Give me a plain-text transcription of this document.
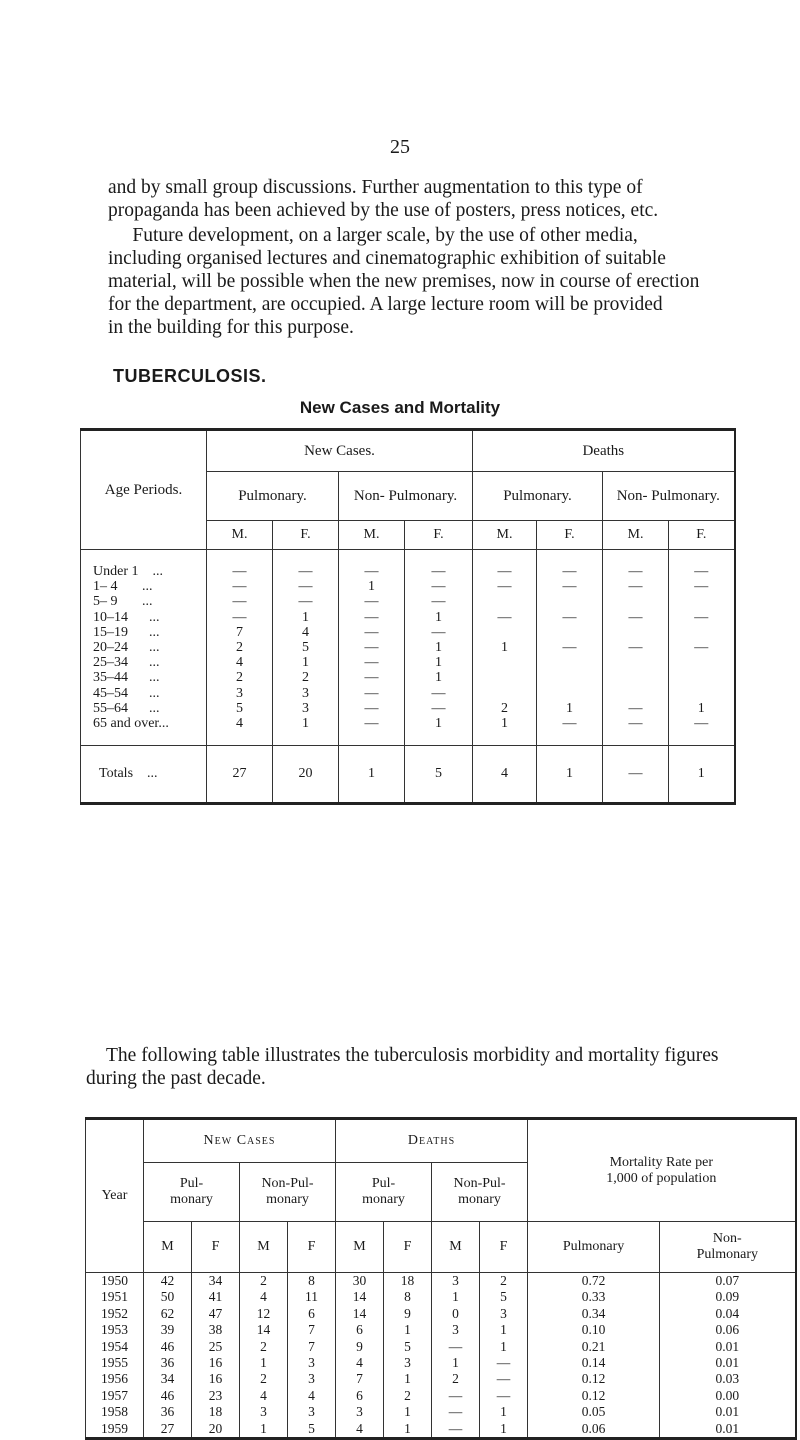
25
and by small group discussions. Further augmentation to this type of
propaganda has been achieved by the use of posters, press notices, etc.
Future development, on a larger scale, by the use of other media,
including organised lectures and cinematographic exhibition of suitable
material, will be possible when the new premises, now in course of erection
for the department, are occupied. A large lecture room will be provided
in the building for this purpose.
TUBERCULOSIS.
New Cases and Mortality
Age Periods.	New Cases.				Deaths			
	Pulmonary.		Non- Pulmonary.		Pulmonary.		Non- Pulmonary.	
	M.	F.	M.	F.	M.	F.	M.	F.

Under 1    ...	—	—	—	—	—	—	—	—
1– 4       ...	—	—	1	—	—	—	—	—
5– 9       ...	—	—	—	—				
10–14      ...	—	1	—	1	—	—	—	—
15–19      ...	7	4	—	—				
20–24      ...	2	5	—	1	1	—	—	—
25–34      ...	4	1	—	1				
35–44      ...	2	2	—	1				
45–54      ...	3	3	—	—				
55–64      ...	5	3	—	—	2	1	—	1
65 and over...	4	1	—	1	1	—	—	—

Totals    ...	27	20	1	5	4	1	—	1
The following table illustrates the tuberculosis morbidity and mortality figures during the past decade.
Year	New Cases				Deaths				Mortality Rate per 1,000 of population	
	Pul- monary		Non-Pul- monary		Pul- monary		Non-Pul- monary			
	M	F	M	F	M	F	M	F	Pulmonary	Non- Pulmonary
1950	42	34	2	8	30	18	3	2	0.72	0.07
1951	50	41	4	11	14	8	1	5	0.33	0.09
1952	62	47	12	6	14	9	0	3	0.34	0.04
1953	39	38	14	7	6	1	3	1	0.10	0.06
1954	46	25	2	7	9	5	—	1	0.21	0.01
1955	36	16	1	3	4	3	1	—	0.14	0.01
1956	34	16	2	3	7	1	2	—	0.12	0.03
1957	46	23	4	4	6	2	—	—	0.12	0.00
1958	36	18	3	3	3	1	—	1	0.05	0.01
1959	27	20	1	5	4	1	—	1	0.06	0.01
